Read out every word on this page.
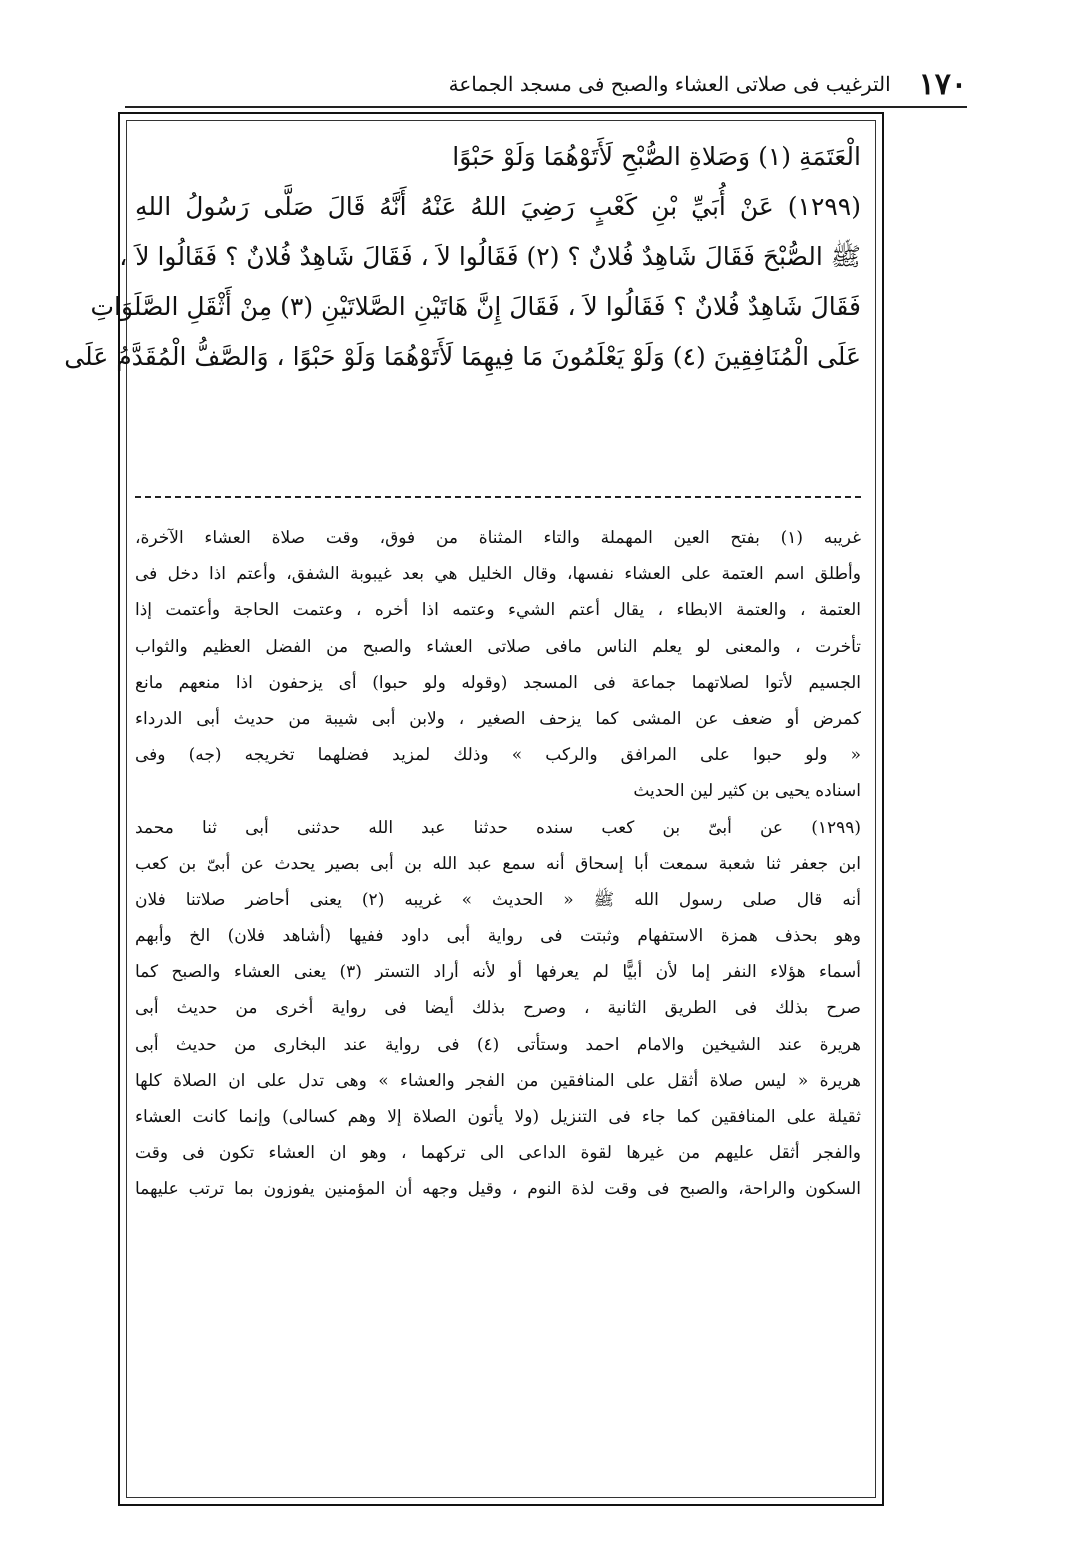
١٧٠
الترغيب فى صلاتى العشاء والصبح فى مسجد الجماعة
الْعَتَمَةِ (١) وَصَلاةِ الصُّبْحِ لَأَتَوْهُمَا وَلَوْ حَبْوًا
(١٢٩٩) عَنْ أُبَيِّ بْنِ كَعْبٍ رَضِيَ اللهُ عَنْهُ أَنَّهُ قَالَ صَلَّى رَسُولُ اللهِ
ﷺ الصُّبْحَ فَقَالَ شَاهِدٌ فُلانٌ ؟ (٢) فَقَالُوا لاَ ، فَقَالَ شَاهِدٌ فُلانٌ ؟ فَقَالُوا لاَ ،
فَقَالَ شَاهِدٌ فُلانٌ ؟ فَقَالُوا لاَ ، فَقَالَ إِنَّ هَاتَيْنِ الصَّلاتَيْنِ (٣) مِنْ أَثْقَلِ الصَّلَوَاتِ
عَلَى الْمُنَافِقِينَ (٤) وَلَوْ يَعْلَمُونَ مَا فِيهِمَا لَأَتَوْهُمَا وَلَوْ حَبْوًا ، وَالصَّفُّ الْمُقَدَّمُ عَلَى
غريبه (١) بفتح العين المهملة والتاء المثناة من فوق، وقت صلاة العشاء الآخرة،
وأطلق اسم العتمة على العشاء نفسها، وقال الخليل هي بعد غيبوبة الشفق، وأعتم اذا دخل فى
العتمة ، والعتمة الابطاء ، يقال أعتم الشيء وعتمه اذا أخره ، وعتمت الحاجة وأعتمت إذا
تأخرت ، والمعنى لو يعلم الناس مافى صلاتى العشاء والصبح من الفضل العظيم والثواب
الجسيم لأتوا لصلاتهما جماعة فى المسجد (وقوله ولو حبوا) أى يزحفون اذا منعهم مانع
كمرض أو ضعف عن المشى كما يزحف الصغير ، ولابن أبى شيبة من حديث أبى الدرداء
« ولو حبوا على المرافق والركب » وذلك لمزيد فضلهما تخريجه (جه) وفى
اسناده يحيى بن كثير لين الحديث
(١٢٩٩) عن أبىّ بن كعب سنده حدثنا عبد الله حدثنى أبى ثنا محمد
ابن جعفر ثنا شعبة سمعت أبا إسحاق أنه سمع عبد الله بن أبى بصير يحدث عن أبىّ بن كعب
أنه قال صلى رسول الله ﷺ « الحديث » غريبه (٢) يعنى أحاضر صلاتنا فلان
وهو بحذف همزة الاستفهام وثبتت فى رواية أبى داود ففيها (أشاهد فلان) الخ وأبهم
أسماء هؤلاء النفر إما لأن أبيًّا لم يعرفها أو لأنه أراد التستر (٣) يعنى العشاء والصبح كما
صرح بذلك فى الطريق الثانية ، وصرح بذلك أيضا فى رواية أخرى من حديث أبى
هريرة عند الشيخين والامام احمد وستأتى (٤) فى رواية عند البخارى من حديث أبى
هريرة « ليس صلاة أثقل على المنافقين من الفجر والعشاء » وهى تدل على ان الصلاة كلها
ثقيلة على المنافقين كما جاء فى التنزيل (ولا يأتون الصلاة إلا وهم كسالى) وإنما كانت العشاء
والفجر أثقل عليهم من غيرها لقوة الداعى الى تركهما ، وهو ان العشاء تكون فى وقت
السكون والراحة، والصبح فى وقت لذة النوم ، وقيل وجهه أن المؤمنين يفوزون بما ترتب عليهما
